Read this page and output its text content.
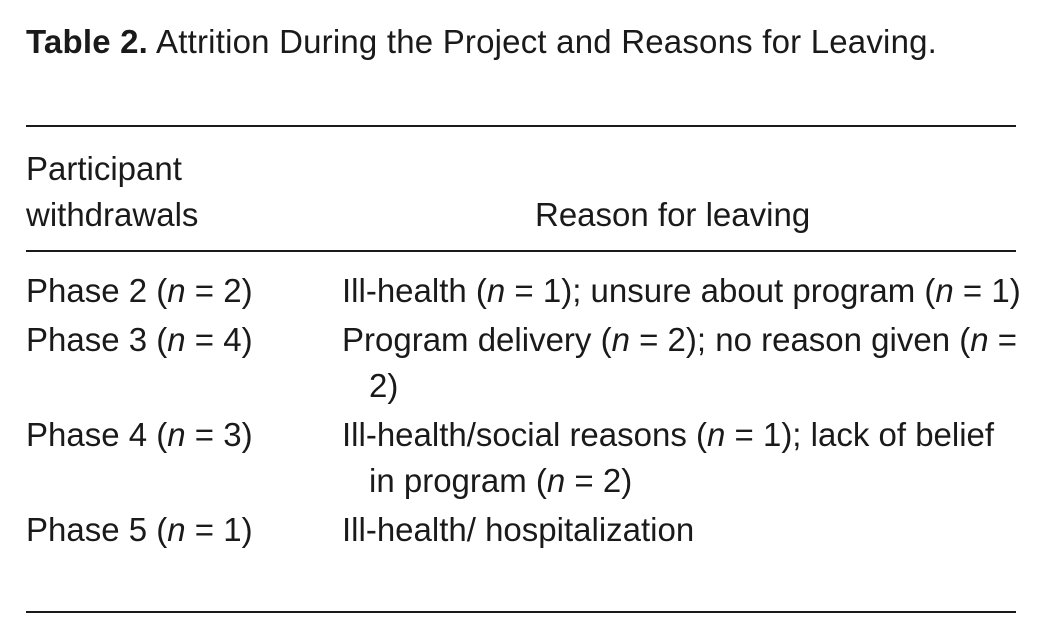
Table 2. Attrition During the Project and Reasons for Leaving.
Participant
withdrawals	Reason for leaving
Phase 2 (n = 2)	Ill-health (n = 1); unsure about program (n = 1)
Phase 3 (n = 4)	Program delivery (n = 2); no reason given (n = 2)
Phase 4 (n = 3)	Ill-health/social reasons (n = 1); lack of belief in program (n = 2)
Phase 5 (n = 1)	Ill-health/ hospitalization
